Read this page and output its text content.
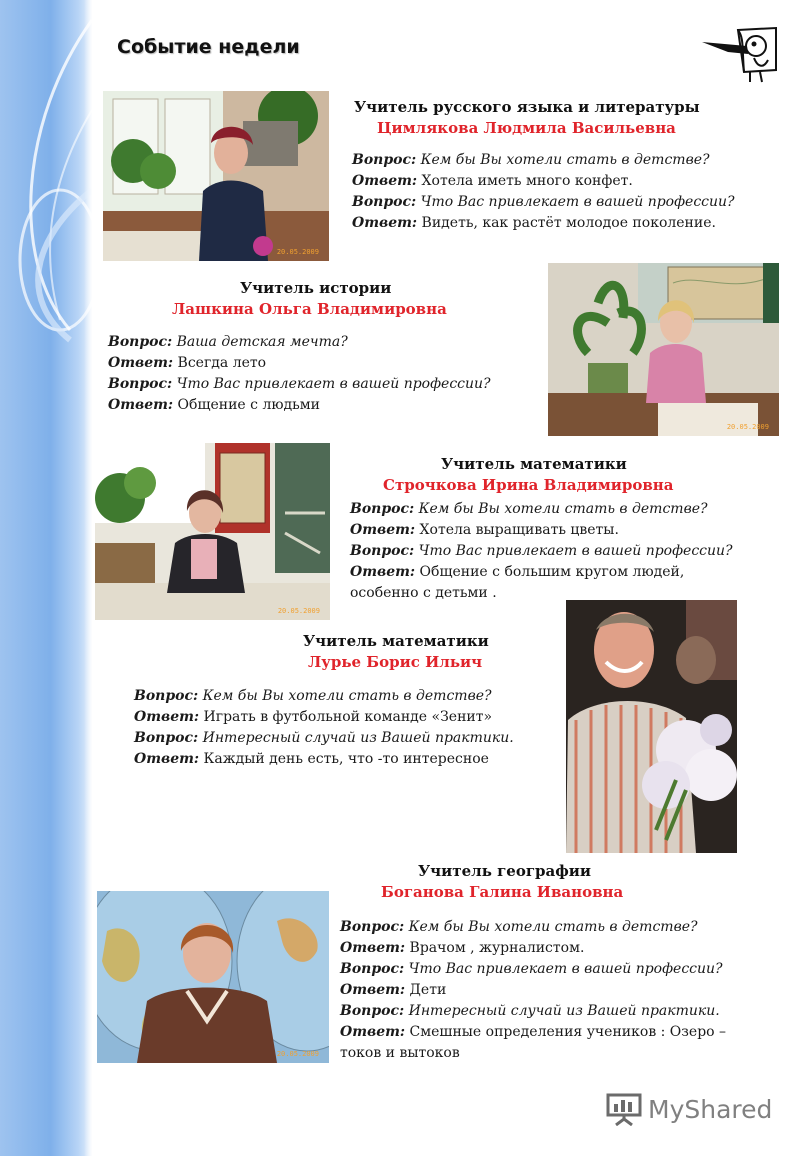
Событие недели
20.05.2009
Учитель русского языка и литературы
Цимлякова Людмила Васильевна
Вопрос: Кем бы Вы хотели стать в детстве?
Ответ: Хотела иметь много конфет.
Вопрос: Что Вас привлекает в вашей профессии?
Ответ: Видеть, как растёт молодое поколение.
Учитель истории
Лашкина Ольга Владимировна
Вопрос: Ваша детская мечта?
Ответ: Всегда лето
Вопрос: Что Вас привлекает в вашей профессии?
Ответ: Общение с людьми
20.05.2009
20.05.2009
Учитель математики
Строчкова Ирина Владимировна
Вопрос: Кем бы Вы хотели стать в детстве?
Ответ: Хотела выращивать цветы.
Вопрос: Что Вас привлекает в вашей профессии?
Ответ: Общение с большим кругом людей,
особенно с детьми .
Учитель математики
Лурье Борис Ильич
Вопрос: Кем бы Вы хотели стать в детстве?
Ответ: Играть в футбольной команде «Зенит»
Вопрос: Интересный случай из Вашей практики.
Ответ: Каждый день есть, что -то интересное
Учитель географии
Боганова Галина Ивановна
Вопрос: Кем бы Вы хотели стать в детстве?
Ответ: Врачом , журналистом.
Вопрос: Что Вас привлекает в вашей профессии?
Ответ: Дети
Вопрос: Интересный случай из Вашей практики.
Ответ: Смешные определения учеников : Озеро –
токов и вытоков
20.05.2009
MyShared
